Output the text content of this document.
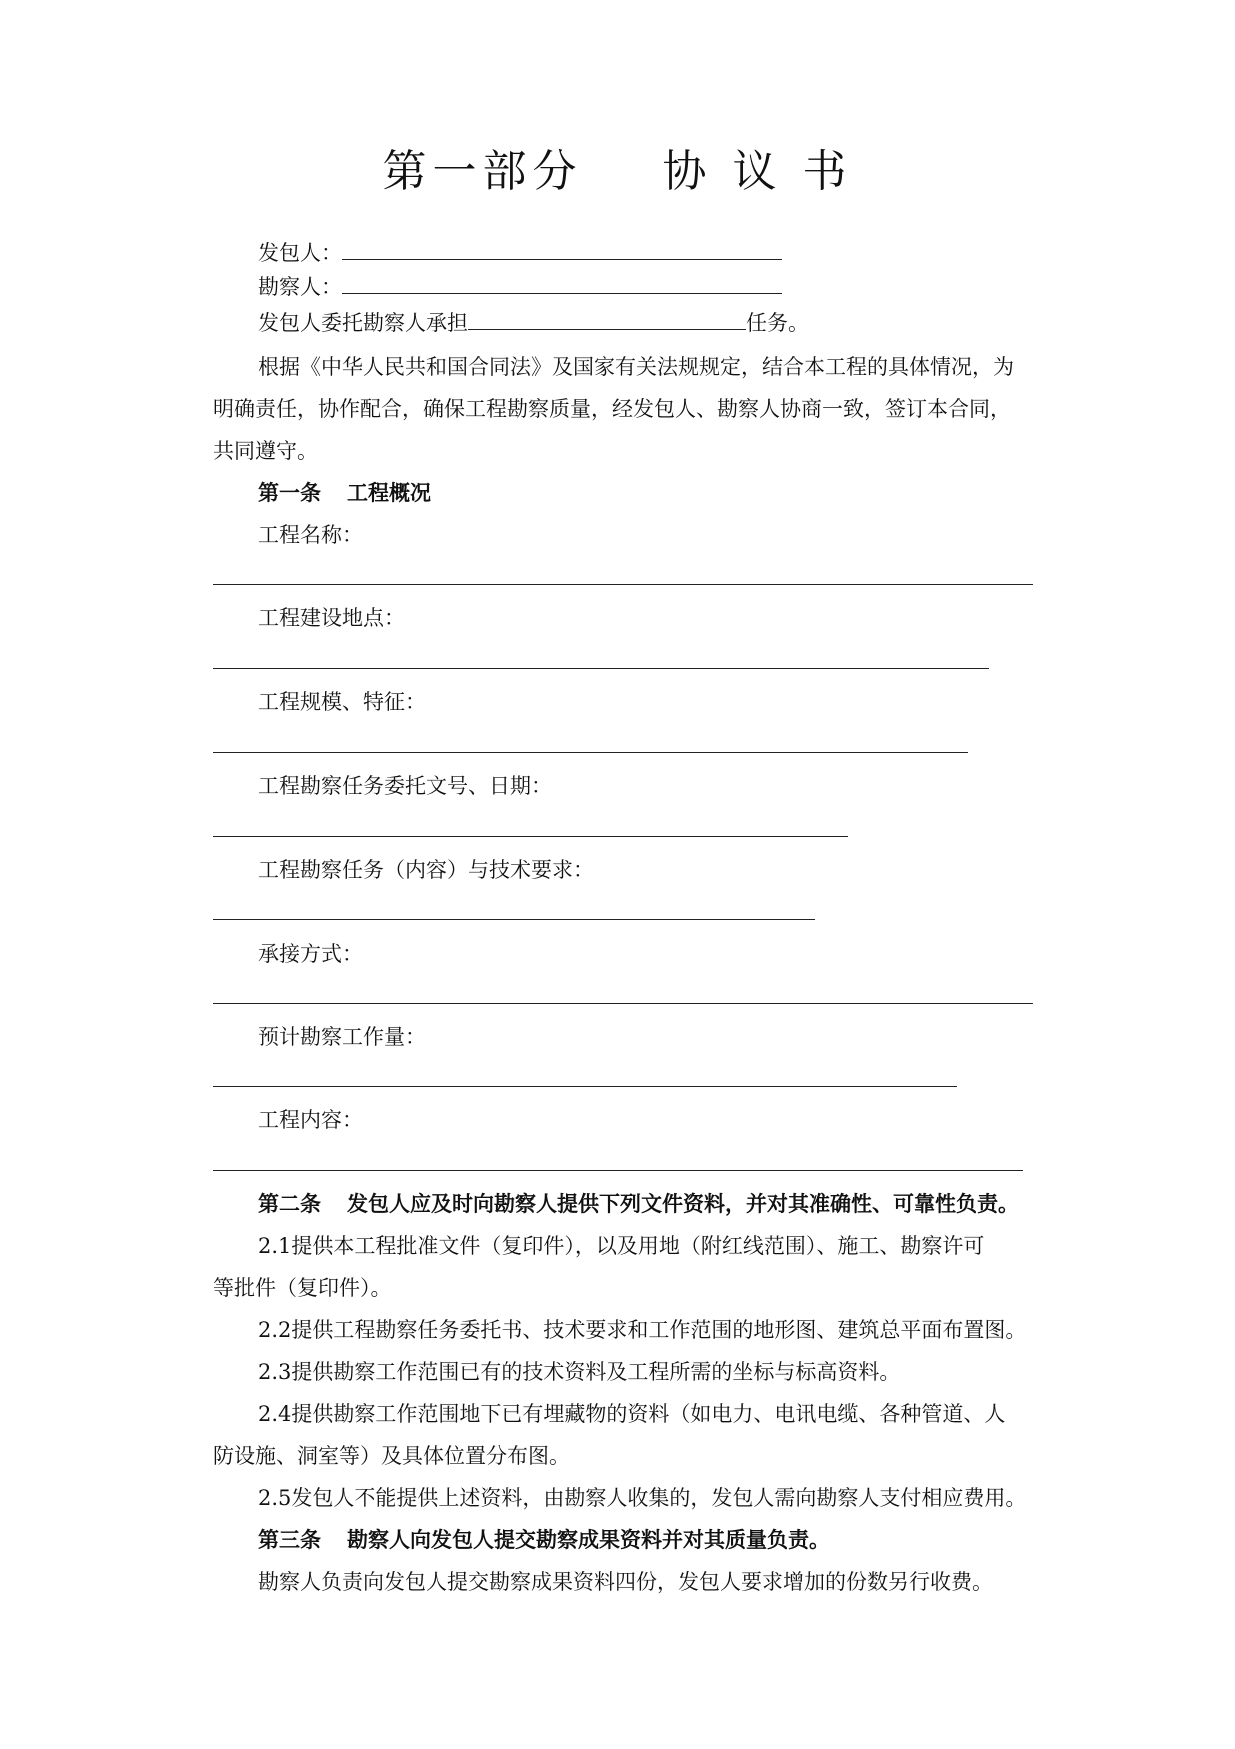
第一部分    协 议 书
发包人：
勘察人：
发包人委托勘察人承担	任务。
根据《中华人民共和国合同法》及国家有关法规规定，结合本工程的具体情况，为
明确责任，协作配合，确保工程勘察质量，经发包人、勘察人协商一致，签订本合同，
共同遵守。
第一条 工程概况
工程名称：
工程建设地点：
工程规模、特征：
工程勘察任务委托文号、日期：
工程勘察任务（内容）与技术要求：
承接方式：
预计勘察工作量：
工程内容：
第二条 发包人应及时向勘察人提供下列文件资料，并对其准确性、可靠性负责。
2.1提供本工程批准文件（复印件），以及用地（附红线范围）、施工、勘察许可
等批件（复印件）。
2.2提供工程勘察任务委托书、技术要求和工作范围的地形图、建筑总平面布置图。
2.3提供勘察工作范围已有的技术资料及工程所需的坐标与标高资料。
2.4提供勘察工作范围地下已有埋藏物的资料（如电力、电讯电缆、各种管道、人
防设施、洞室等）及具体位置分布图。
2.5发包人不能提供上述资料，由勘察人收集的，发包人需向勘察人支付相应费用。
第三条 勘察人向发包人提交勘察成果资料并对其质量负责。
勘察人负责向发包人提交勘察成果资料四份，发包人要求增加的份数另行收费。
